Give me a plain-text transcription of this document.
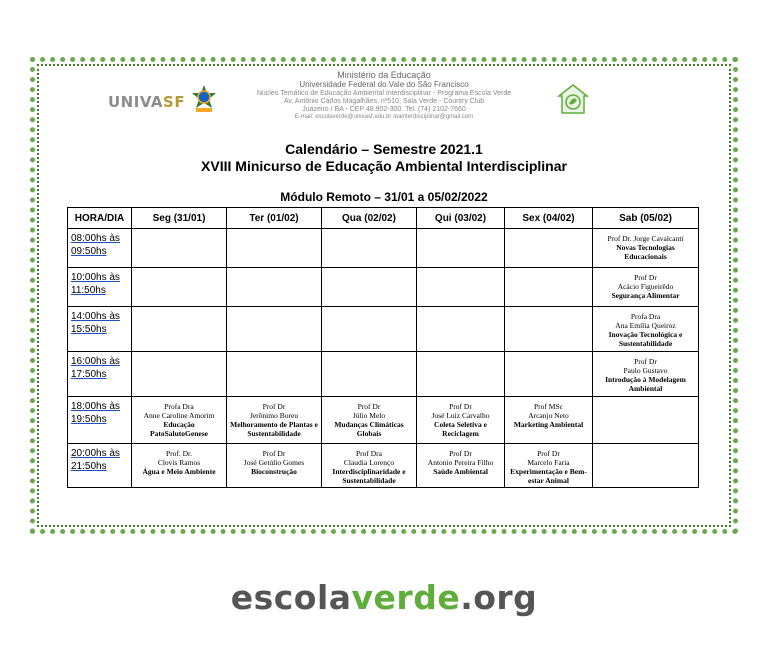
UNIVASF
Ministério da Educação
Universidade Federal do Vale do São Francisco
Núcleo Temático de Educação Ambiental Interdisciplinar - Programa Escola Verde
Av. Antônio Carlos Magalhães, nº510, Sala Verde - Country Club
Juazeiro / BA - CEP 48.902-300. Tel. (74) 2102-7660
E-mail: escolaverde@univasf.edu.br /eainterdisciplinar@gmail.com
Calendário – Semestre 2021.1
XVIII Minicurso de Educação Ambiental Interdisciplinar
Módulo Remoto – 31/01 a 05/02/2022
HORA/DIA	Seg (31/01)	Ter (01/02)	Qua (02/02)	Qui (03/02)	Sex (04/02)	Sab (05/02)
08:00hs às
09:50hs						Prof Dr. Jorge Cavalcanti
Novas Tecnologias Educacionais

10:00hs às
11:50hs						Prof Dr
Acácio Figueirêdo
Segurança Alimentar

14:00hs às
15:50hs						Profa Dra
Ana Emília Queiroz
Inovação Tecnológica e Sustentabilidade

16:00hs às
17:50hs						Prof Dr
Paulo Gustavo
Introdução à Modelagem Ambiental

18:00hs às
19:50hs	Profa Dra
Anne Caroline Amorim
Educação PatoSalutoGenese	Prof Dr
Jerônimo Boreu
Melhoramento de Plantas e Sustentabilidade	Prof Dr
Júlio Melo
Mudanças Climáticas Globais	Prof Dr
José Luiz Carvalho
Coleta Seletiva e Reciclagem	Prof MSc
Arcanjo Neto
Marketing Ambiental	

20:00hs às
21:50hs	Prof. Dr.
Clovis Ramos
Água e Meio Ambiente	Prof Dr
José Getúlio Gomes
Bioconstrução	Prof Dra
Claudia Lorenço
Interdisciplinaridade e Sustentabilidade	Prof Dr
Antonio Pereira Filho
Saúde Ambiental	Prof Dr
Marcelo Faria
Experimentação e Bem-estar Animal	

escolaverde.org
